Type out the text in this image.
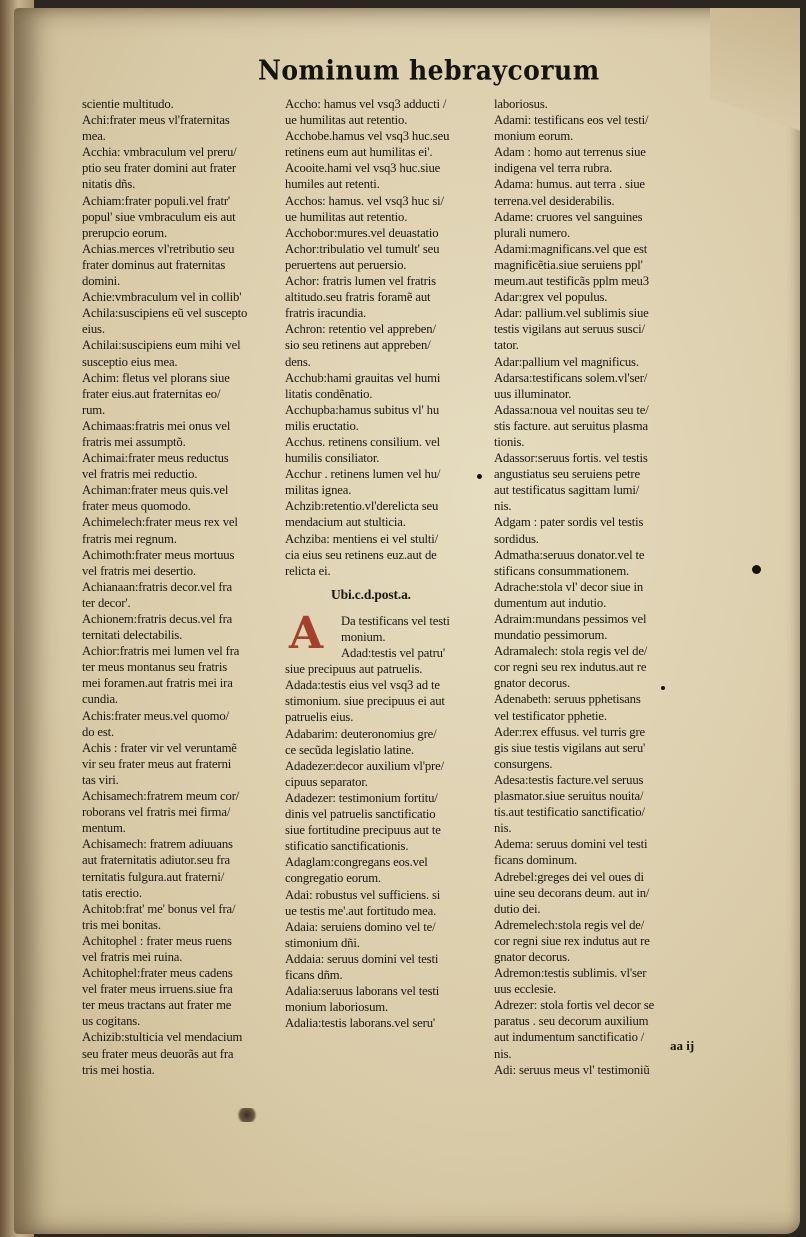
Nominum hebraycorum

scientie multitudo.

Achi:frater meus vl'fraternitas

mea.

Acchia: vmbraculum vel preru/

ptio seu frater domini aut frater

nitatis dñs.

Achiam:frater populi.vel fratr'

popul' siue vmbraculum eis aut

prerupcio eorum.

Achias.merces vl'retributio seu

frater dominus aut fraternitas

domini.

Achie:vmbraculum vel in collib'

Achila:suscipiens eũ vel suscepto

eius.

Achilai:suscipiens eum mihi vel

susceptio eius mea.

Achim: fletus vel plorans siue

frater eius.aut fraternitas eo/

rum.

Achimaas:fratris mei onus vel

fratris mei assumptõ.

Achimai:frater meus reductus

vel fratris mei reductio.

Achiman:frater meus quis.vel

frater meus quomodo.

Achimelech:frater meus rex vel

fratris mei regnum.

Achimoth:frater meus mortuus

vel fratris mei desertio.

Achianaan:fratris decor.vel fra

ter decor'.

Achionem:fratris decus.vel fra

ternitati delectabilis.

Achior:fratris mei lumen vel fra

ter meus montanus seu fratris

mei foramen.aut fratris mei ira

cundia.

Achis:frater meus.vel quomo/

do est.

Achis : frater vir vel veruntamẽ

vir seu frater meus aut fraterni

tas viri.

Achisamech:fratrem meum cor/

roborans vel fratris mei firma/

mentum.

Achisamech: fratrem adiuuans

aut fraternitatis adiutor.seu fra

ternitatis fulgura.aut fraterni/

tatis erectio.

Achitob:frat' me' bonus vel fra/

tris mei bonitas.

Achitophel : frater meus ruens

vel fratris mei ruina.

Achitophel:frater meus cadens

vel frater meus irruens.siue fra

ter meus tractans aut frater me

us cogitans.

Achizib:stulticia vel mendacium

seu frater meus deuorãs aut fra

tris mei hostia.

Accho: hamus vel vsq3 adducti /

ue humilitas aut retentio.

Acchobe.hamus vel vsq3 huc.seu

retinens eum aut humilitas ei'.

Acooite.hami vel vsq3 huc.siue

humiles aut retenti.

Acchos: hamus. vel vsq3 huc si/

ue humilitas aut retentio.

Acchobor:mures.vel deuastatio

Achor:tribulatio vel tumult' seu

peruertens aut peruersio.

Achor: fratris lumen vel fratris

altitudo.seu fratris foramẽ aut

fratris iracundia.

Achron: retentio vel appreben/

sio seu retinens aut appreben/

dens.

Acchub:hami grauitas vel humi

litatis condẽnatio.

Acchupba:hamus subitus vl' hu

milis eructatio.

Acchus. retinens consilium. vel

humilis consiliator.

Acchur . retinens lumen vel hu/

militas ignea.

Achzib:retentio.vl'derelicta seu

mendacium aut stulticia.

Achziba: mentiens ei vel stulti/

cia eius seu retinens euz.aut de

relicta ei.

Ubi.c.d.post.a.

A	Da testificans vel testi

monium.

Adad:testis vel patru'

siue precipuus aut patruelis.

Adada:testis eius vel vsq3 ad te

stimonium. siue precipuus ei aut

patruelis eius.

Adabarim: deuteronomius gre/

ce secũda legislatio latine.

Adadezer:decor auxilium vl'pre/

cipuus separator.

Adadezer: testimonium fortitu/

dinis vel patruelis sanctificatio

siue fortitudine precipuus aut te

stificatio sanctificationis.

Adaglam:congregans eos.vel

congregatio eorum.

Adai: robustus vel sufficiens. si

ue testis me'.aut fortitudo mea.

Adaia: seruiens domino vel te/

stimonium dñi.

Addaia: seruus domini vel testi

ficans dñm.

Adalia:seruus laborans vel testi

monium laboriosum.

Adalia:testis laborans.vel seru'

laboriosus.

Adami: testificans eos vel testi/

monium eorum.

Adam : homo aut terrenus siue

indigena vel terra rubra.

Adama: humus. aut terra . siue

terrena.vel desiderabilis.

Adame: cruores vel sanguines

plurali numero.

Adami:magnificans.vel que est

magnificẽtia.siue seruiens ppl'

meum.aut testificãs pplm meu3

Adar:grex vel populus.

Adar: pallium.vel sublimis siue

testis vigilans aut seruus susci/

tator.

Adar:pallium vel magnificus.

Adarsa:testificans solem.vl'ser/

uus illuminator.

Adassa:noua vel nouitas seu te/

stis facture. aut seruitus plasma

tionis.

Adassor:seruus fortis. vel testis

angustiatus seu seruiens petre

aut testificatus sagittam lumi/

nis.

Adgam : pater sordis vel testis

sordidus.

Admatha:seruus donator.vel te

stificans consummationem.

Adrache:stola vl' decor siue in

dumentum aut indutio.

Adraim:mundans pessimos vel

mundatio pessimorum.

Adramalech: stola regis vel de/

cor regni seu rex indutus.aut re

gnator decorus.

Adenabeth: seruus pphetisans

vel testificator pphetie.

Ader:rex effusus. vel turris gre

gis siue testis vigilans aut seru'

consurgens.

Adesa:testis facture.vel seruus

plasmator.siue seruitus nouita/

tis.aut testificatio sanctificatio/

nis.

Adema: seruus domini vel testi

ficans dominum.

Adrebel:greges dei vel oues di

uine seu decorans deum. aut in/

dutio dei.

Adremelech:stola regis vel de/

cor regni siue rex indutus aut re

gnator decorus.

Adremon:testis sublimis. vl'ser

uus ecclesie.

Adrezer: stola fortis vel decor se

paratus . seu decorum auxilium

aut indumentum sanctificatio /

nis.

Adi: seruus meus vl' testimoniũ

aa ij
